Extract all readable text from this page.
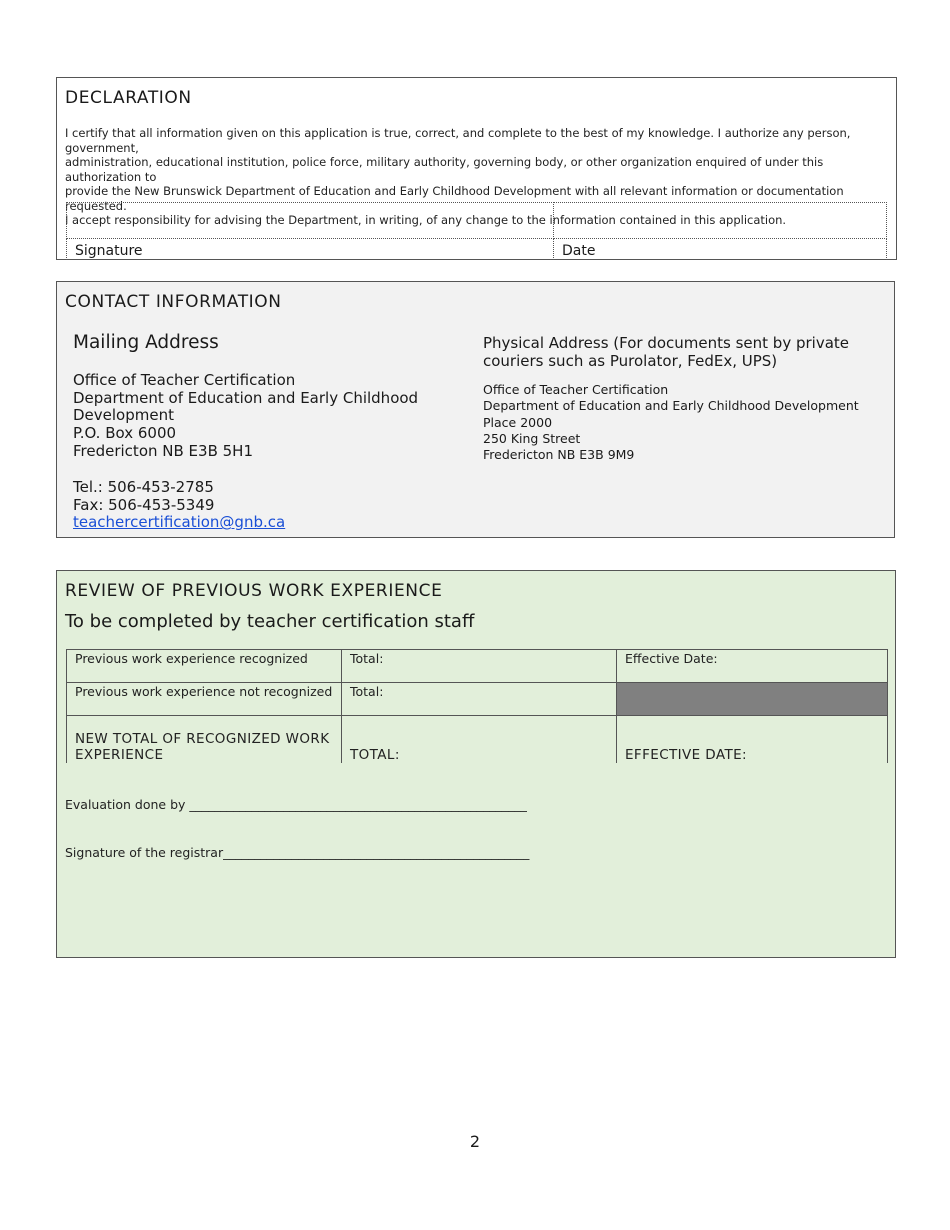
DECLARATION
I certify that all information given on this application is true, correct, and complete to the best of my knowledge. I authorize any person, government,
administration, educational institution, police force, military authority, governing body, or other organization enquired of under this authorization to
provide the New Brunswick Department of Education and Early Childhood Development with all relevant information or documentation requested.
I accept responsibility for advising the Department, in writing, of any change to the information contained in this application.

Signature	Date
CONTACT INFORMATION
Mailing Address
Office of Teacher Certification
Department of Education and Early Childhood Development
P.O. Box 6000
Fredericton NB E3B 5H1
Tel.: 506-453-2785
Fax: 506-453-5349
teachercertification@gnb.ca
Physical Address (For documents sent by private couriers such as Purolator, FedEx, UPS)
Office of Teacher Certification
Department of Education and Early Childhood Development
Place 2000
250 King Street
Fredericton NB E3B 9M9
REVIEW OF PREVIOUS WORK EXPERIENCE
To be completed by teacher certification staff
Previous work experience recognized	Total:	Effective Date:
Previous work experience not recognized	Total:	
NEW TOTAL OF RECOGNIZED WORK EXPERIENCE	TOTAL:	EFFECTIVE DATE:
Evaluation done by ______________________________________________________
Signature of the registrar_________________________________________________
2
